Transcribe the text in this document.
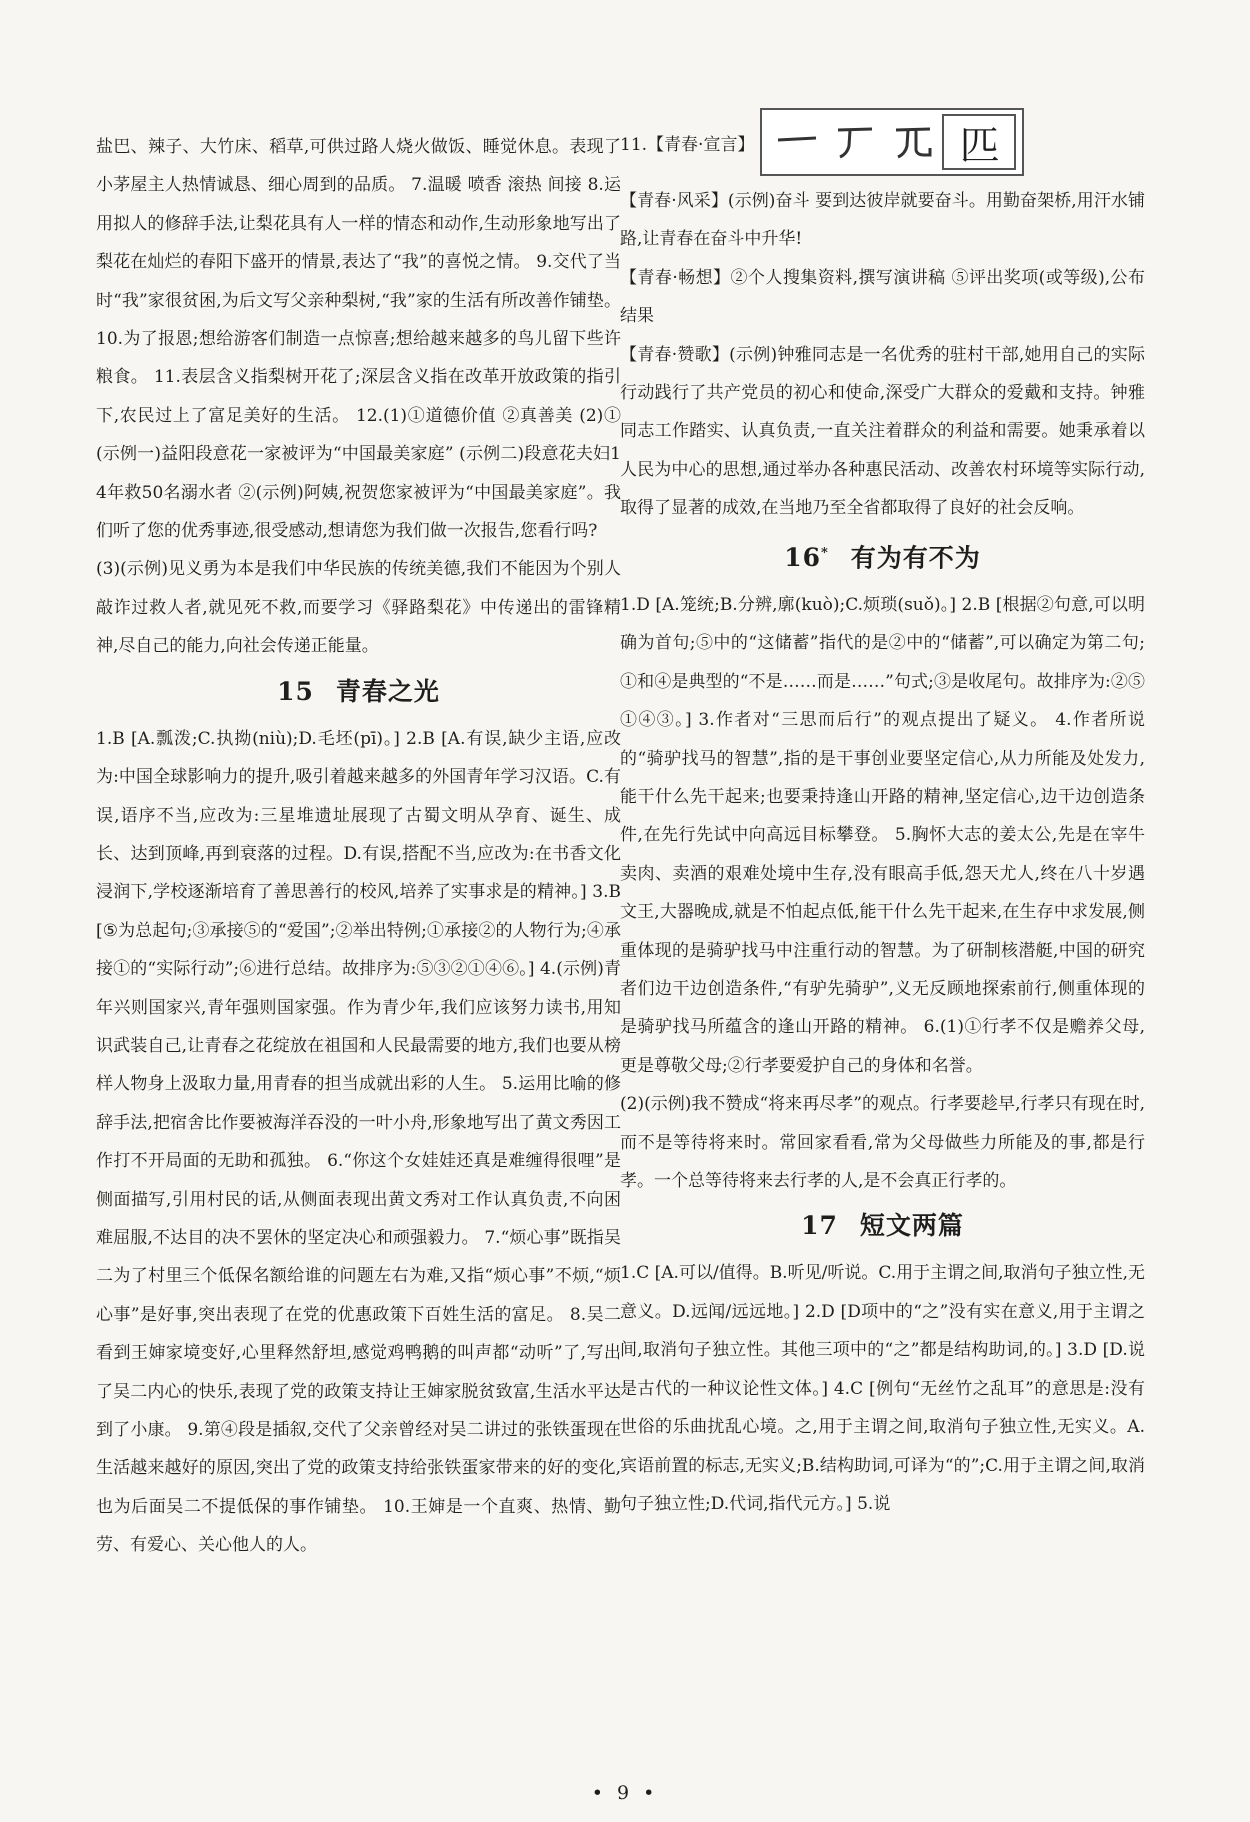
盐巴、辣子、大竹床、稻草,可供过路人烧火做饭、睡觉休息。表现了小茅屋主人热情诚恳、细心周到的品质。 7.温暖 喷香 滚热 间接 8.运用拟人的修辞手法,让梨花具有人一样的情态和动作,生动形象地写出了梨花在灿烂的春阳下盛开的情景,表达了“我”的喜悦之情。 9.交代了当时“我”家很贫困,为后文写父亲种梨树,“我”家的生活有所改善作铺垫。 10.为了报恩;想给游客们制造一点惊喜;想给越来越多的鸟儿留下些许粮食。 11.表层含义指梨树开花了;深层含义指在改革开放政策的指引下,农民过上了富足美好的生活。 12.(1)①道德价值 ②真善美 (2)①(示例一)益阳段意花一家被评为“中国最美家庭” (示例二)段意花夫妇14年救50名溺水者 ②(示例)阿姨,祝贺您家被评为“中国最美家庭”。我们听了您的优秀事迹,很受感动,想请您为我们做一次报告,您看行吗?

(3)(示例)见义勇为本是我们中华民族的传统美德,我们不能因为个别人敲诈过救人者,就见死不救,而要学习《驿路梨花》中传递出的雷锋精神,尽自己的能力,向社会传递正能量。

15 青春之光

1.B [A.瓢泼;C.执拗(niù);D.毛坯(pī)。] 2.B [A.有误,缺少主语,应改为:中国全球影响力的提升,吸引着越来越多的外国青年学习汉语。C.有误,语序不当,应改为:三星堆遗址展现了古蜀文明从孕育、诞生、成长、达到顶峰,再到衰落的过程。D.有误,搭配不当,应改为:在书香文化浸润下,学校逐渐培育了善思善行的校风,培养了实事求是的精神。] 3.B [⑤为总起句;③承接⑤的“爱国”;②举出特例;①承接②的人物行为;④承接①的“实际行动”;⑥进行总结。故排序为:⑤③②①④⑥。] 4.(示例)青年兴则国家兴,青年强则国家强。作为青少年,我们应该努力读书,用知识武装自己,让青春之花绽放在祖国和人民最需要的地方,我们也要从榜样人物身上汲取力量,用青春的担当成就出彩的人生。 5.运用比喻的修辞手法,把宿舍比作要被海洋吞没的一叶小舟,形象地写出了黄文秀因工作打不开局面的无助和孤独。 6.“你这个女娃娃还真是难缠得很哩”是侧面描写,引用村民的话,从侧面表现出黄文秀对工作认真负责,不向困难屈服,不达目的决不罢休的坚定决心和顽强毅力。 7.“烦心事”既指吴二为了村里三个低保名额给谁的问题左右为难,又指“烦心事”不烦,“烦心事”是好事,突出表现了在党的优惠政策下百姓生活的富足。 8.吴二看到王婶家境变好,心里释然舒坦,感觉鸡鸭鹅的叫声都“动听”了,写出了吴二内心的快乐,表现了党的政策支持让王婶家脱贫致富,生活水平达到了小康。 9.第④段是插叙,交代了父亲曾经对吴二讲过的张铁蛋现在生活越来越好的原因,突出了党的政策支持给张铁蛋家带来的好的变化,也为后面吴二不提低保的事作铺垫。 10.王婶是一个直爽、热情、勤劳、有爱心、关心他人的人。

11.【青春·宣言】	匹

【青春·风采】(示例)奋斗 要到达彼岸就要奋斗。用勤奋架桥,用汗水铺路,让青春在奋斗中升华!

【青春·畅想】②个人搜集资料,撰写演讲稿 ⑤评出奖项(或等级),公布结果

【青春·赞歌】(示例)钟雅同志是一名优秀的驻村干部,她用自己的实际行动践行了共产党员的初心和使命,深受广大群众的爱戴和支持。钟雅同志工作踏实、认真负责,一直关注着群众的利益和需要。她秉承着以人民为中心的思想,通过举办各种惠民活动、改善农村环境等实际行动,取得了显著的成效,在当地乃至全省都取得了良好的社会反响。

16* 有为有不为

1.D [A.笼统;B.分辨,廓(kuò);C.烦琐(suǒ)。] 2.B [根据②句意,可以明确为首句;⑤中的“这储蓄”指代的是②中的“储蓄”,可以确定为第二句;①和④是典型的“不是……而是……”句式;③是收尾句。故排序为:②⑤①④③。] 3.作者对“三思而后行”的观点提出了疑义。 4.作者所说的“骑驴找马的智慧”,指的是干事创业要坚定信心,从力所能及处发力,能干什么先干起来;也要秉持逢山开路的精神,坚定信心,边干边创造条件,在先行先试中向高远目标攀登。 5.胸怀大志的姜太公,先是在宰牛卖肉、卖酒的艰难处境中生存,没有眼高手低,怨天尤人,终在八十岁遇文王,大器晚成,就是不怕起点低,能干什么先干起来,在生存中求发展,侧重体现的是骑驴找马中注重行动的智慧。为了研制核潜艇,中国的研究者们边干边创造条件,“有驴先骑驴”,义无反顾地探索前行,侧重体现的是骑驴找马所蕴含的逢山开路的精神。 6.(1)①行孝不仅是赡养父母,更是尊敬父母;②行孝要爱护自己的身体和名誉。

(2)(示例)我不赞成“将来再尽孝”的观点。行孝要趁早,行孝只有现在时,而不是等待将来时。常回家看看,常为父母做些力所能及的事,都是行孝。一个总等待将来去行孝的人,是不会真正行孝的。

17 短文两篇

1.C [A.可以/值得。B.听见/听说。C.用于主谓之间,取消句子独立性,无意义。D.远闻/远远地。] 2.D [D项中的“之”没有实在意义,用于主谓之间,取消句子独立性。其他三项中的“之”都是结构助词,的。] 3.D [D.说是古代的一种议论性文体。] 4.C [例句“无丝竹之乱耳”的意思是:没有世俗的乐曲扰乱心境。之,用于主谓之间,取消句子独立性,无实义。A.宾语前置的标志,无实义;B.结构助词,可译为“的”;C.用于主谓之间,取消句子独立性;D.代词,指代元方。] 5.说

• 9 •
